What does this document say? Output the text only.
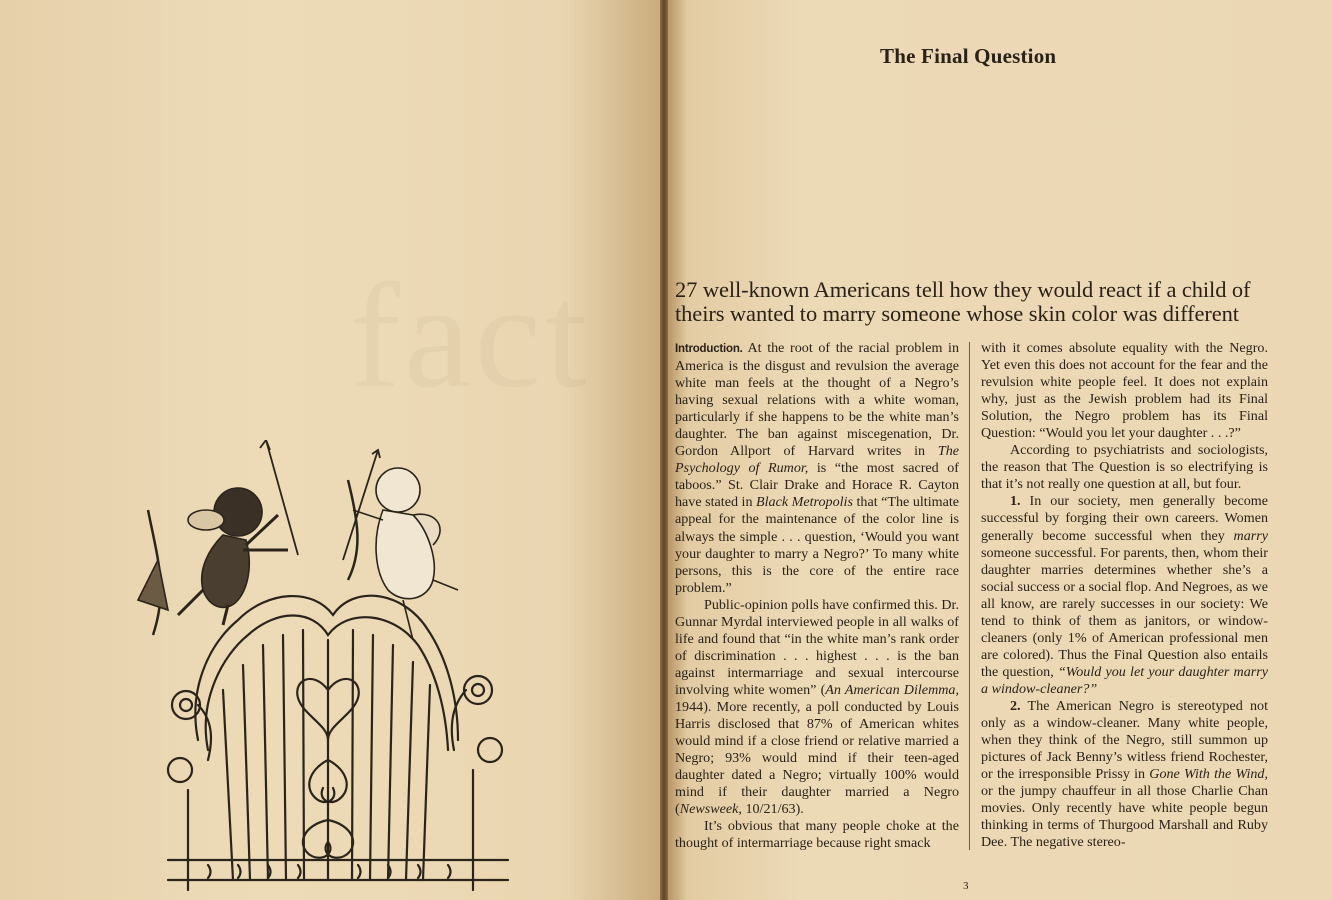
fact
The Final Question
27 well-known Americans tell how they would react if a child of theirs wanted to marry someone whose skin color was different

Introduction. At the root of the racial problem in America is the disgust and revulsion the average white man feels at the thought of a Negro’s having sexual relations with a white woman, particularly if she happens to be the white man’s daughter. The ban against miscegenation, Dr. Gordon Allport of Harvard writes in The Psychology of Rumor, is “the most sacred of taboos.” St. Clair Drake and Horace R. Cayton have stated in Black Metropolis that “The ultimate appeal for the maintenance of the color line is always the simple . . . question, ‘Would you want your daughter to marry a Negro?’ To many white persons, this is the core of the entire race problem.”

Public-opinion polls have confirmed this. Dr. Gunnar Myrdal interviewed people in all walks of life and found that “in the white man’s rank order of discrimination . . . highest . . . is the ban against intermarriage and sexual intercourse involving white women” (An American Dilemma, 1944). More recently, a poll conducted by Louis Harris disclosed that 87% of American whites would mind if a close friend or relative married a Negro; 93% would mind if their teen-aged daughter dated a Negro; virtually 100% would mind if their daughter married a Negro (Newsweek, 10/21/63).

It’s obvious that many people choke at the thought of intermarriage because right smack

with it comes absolute equality with the Negro. Yet even this does not account for the fear and the revulsion white people feel. It does not explain why, just as the Jewish problem had its Final Solution, the Negro problem has its Final Question: “Would you let your daughter . . .?”

According to psychiatrists and sociologists, the reason that The Question is so electrifying is that it’s not really one question at all, but four.

1. In our society, men generally become successful by forging their own careers. Women generally become successful when they marry someone successful. For parents, then, whom their daughter marries determines whether she’s a social success or a social flop. And Negroes, as we all know, are rarely successes in our society: We tend to think of them as janitors, or window-cleaners (only 1% of American professional men are colored). Thus the Final Question also entails the question, “Would you let your daughter marry a window-cleaner?”

2. The American Negro is stereotyped not only as a window-cleaner. Many white people, when they think of the Negro, still summon up pictures of Jack Benny’s witless friend Rochester, or the irresponsible Prissy in Gone With the Wind, or the jumpy chauffeur in all those Charlie Chan movies. Only recently have white people begun thinking in terms of Thurgood Marshall and Ruby Dee. The negative stereo-

3
